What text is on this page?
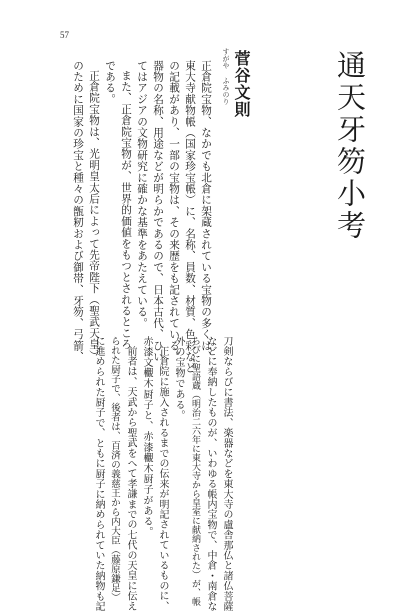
57
通天牙笏小考
すがや ふみのり 菅谷文則
正倉院宝物、なかでも北倉に架蔵されている宝物の多くは、
東大寺献物帳（国家珍宝帳）に、名称、員数、材質、色彩など
の記載があり、一部の宝物は、その来歴をも記されている。
器物の名称、用途などが明らかであるので、日本古代、ひい
てはアジアの文物研究に確かな基準をあたえている。
また、正倉院宝物が、世界的価値をもつとされるところ
である。
正倉院宝物は、光明皇太后によって先帝陛下（聖武天皇）
のために国家の珍宝と種々の甑籾および御帯、牙笏、弓箭、
刀剣ならびに書法、楽器などを東大寺の盧舎那仏と諸仏菩薩
などに奉納したものが、いわゆる帳内宝物で、中倉・南倉な
らびに聖語蔵（明治二六年に東大寺から皇室に献納された）が、帳
外の宝物である。
正倉院に施入されるまでの伝来が明記されているものに、
赤漆文欟木厨子と、赤漆欟木厨子がある。
前者は、天武から聖武をへて孝謙までの七代の天皇に伝え
られた厨子で、後者は、百済の義慈王から内大臣（藤原鎌足）
に進められた厨子で、ともに厨子に納められていた納物も記
